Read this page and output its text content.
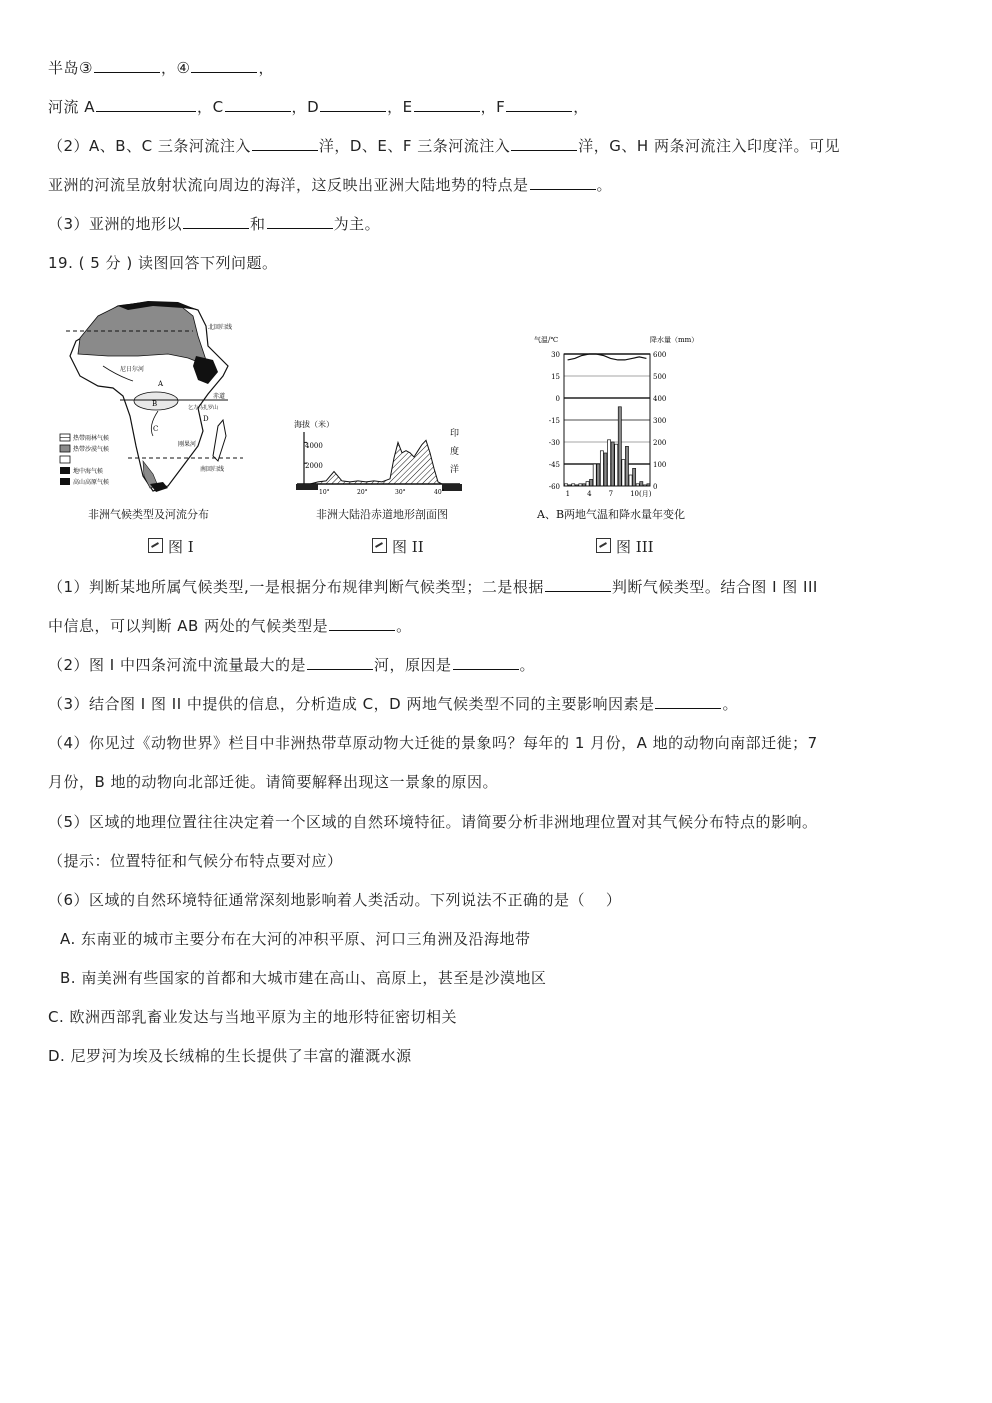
半岛③	，④	，
河流 A	，C	，D	，E	，F	，
（2）A、B、C 三条河流注入	洋，D、E、F 三条河流注入	洋，G、H 两条河流注入印度洋。可见
亚洲的河流呈放射状流向周边的海洋，这反映出亚洲大陆地势的特点是	。
（3）亚洲的地形以	和	为主。
19. ( 5 分 ) 读图回答下列问题。
北回归线
赤道
尼日尔河
刚果河
乞力马扎罗山
南回归线
A
B
C
D
热带雨林气候
热带沙漠气候
地中海气候
高山高原气候
非洲气候类型及河流分布
图 I
海拔（米）
4000
2000
10°	20°	30°	40°
印
度
洋
非洲大陆沿赤道地形剖面图
图 II
气温/℃	降水量（mm）
30	600
15	500
0	400
-15	300
-30	200
-45	100
-60	0
1 4 7 10(月)
A、B两地气温和降水量年变化
图 III
（1）判断某地所属气候类型,一是根据分布规律判断气候类型；二是根据	判断气候类型。结合图 I 图 III
中信息，可以判断 AB 两处的气候类型是	。
（2）图 I 中四条河流中流量最大的是	河，原因是	。
（3）结合图 I 图 II 中提供的信息，分析造成 C，D 两地气候类型不同的主要影响因素是	。
（4）你见过《动物世界》栏目中非洲热带草原动物大迁徙的景象吗？每年的 1 月份，A 地的动物向南部迁徙；7
月份，B 地的动物向北部迁徙。请简要解释出现这一景象的原因。
（5）区域的地理位置往往决定着一个区域的自然环境特征。请简要分析非洲地理位置对其气候分布特点的影响。
（提示：位置特征和气候分布特点要对应）
（6）区域的自然环境特征通常深刻地影响着人类活动。下列说法不正确的是（　 ）
A. 东南亚的城市主要分布在大河的冲积平原、河口三角洲及沿海地带
B. 南美洲有些国家的首都和大城市建在高山、高原上，甚至是沙漠地区
C. 欧洲西部乳畜业发达与当地平原为主的地形特征密切相关
D. 尼罗河为埃及长绒棉的生长提供了丰富的灌溉水源
